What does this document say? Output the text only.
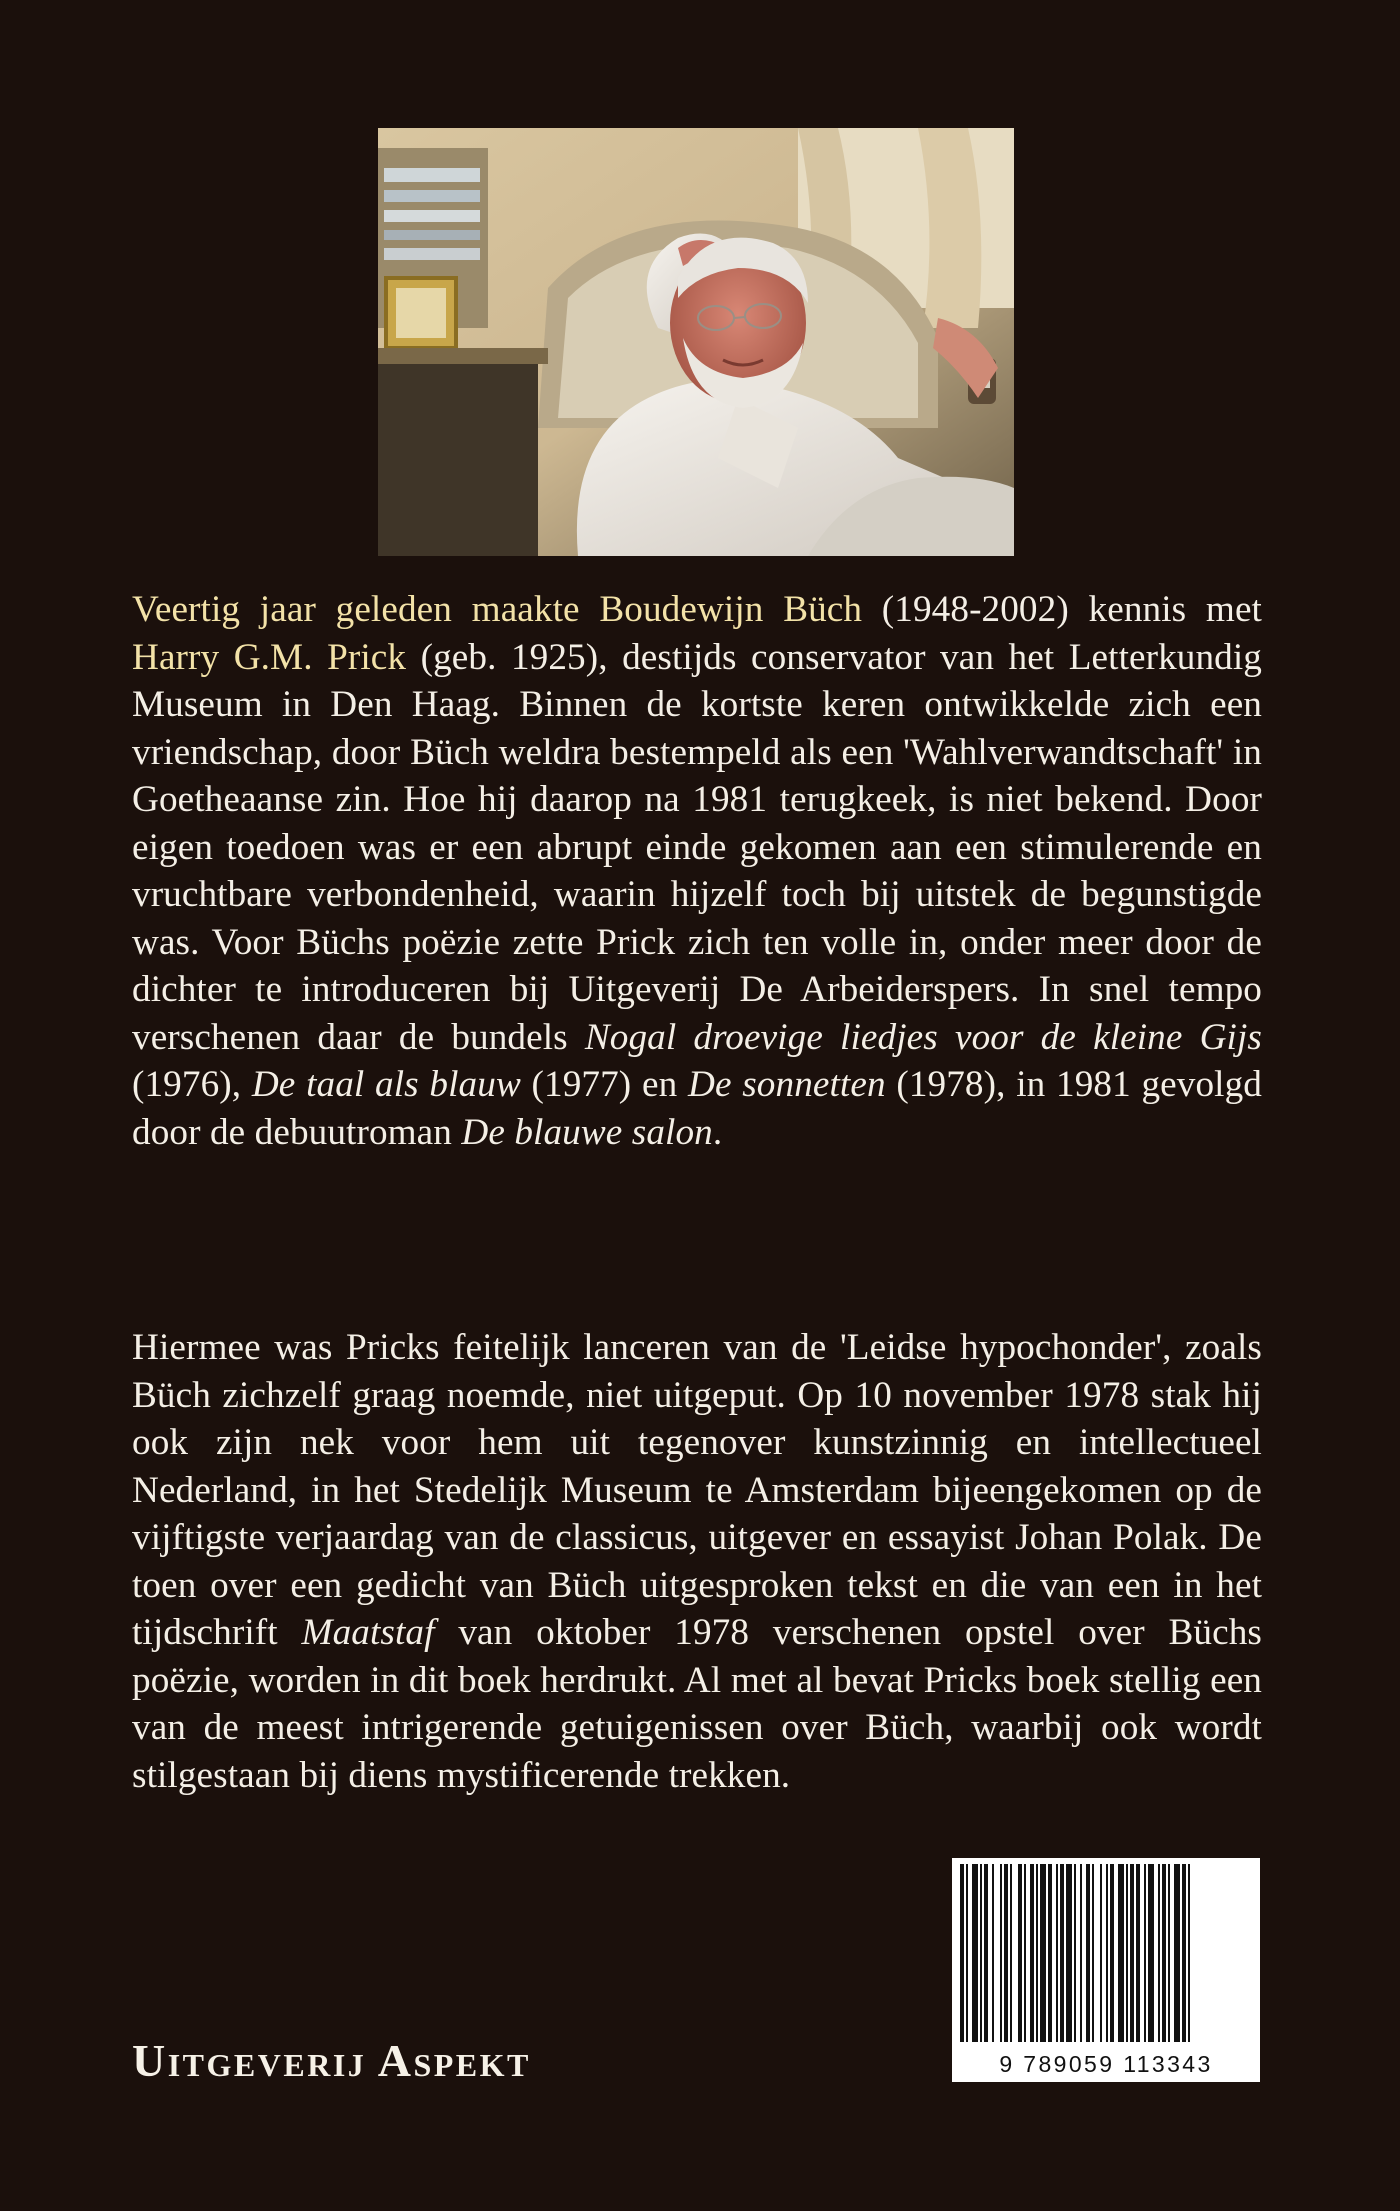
Veertig jaar geleden maakte Boudewijn Büch (1948-2002) kennis met Harry G.M. Prick (geb. 1925), destijds conservator van het Letterkundig Museum in Den Haag. Binnen de kortste keren ontwikkelde zich een vriendschap, door Büch weldra bestempeld als een 'Wahlverwandtschaft' in Goetheaanse zin. Hoe hij daarop na 1981 terugkeek, is niet bekend. Door eigen toedoen was er een abrupt einde gekomen aan een stimulerende en vruchtbare verbondenheid, waarin hijzelf toch bij uitstek de begunstigde was. Voor Büchs poëzie zette Prick zich ten volle in, onder meer door de dichter te introduceren bij Uitgeverij De Arbeiderspers. In snel tempo verschenen daar de bundels Nogal droevige liedjes voor de kleine Gijs (1976), De taal als blauw (1977) en De sonnetten (1978), in 1981 gevolgd door de debuutroman De blauwe salon.
Hiermee was Pricks feitelijk lanceren van de 'Leidse hypochonder', zoals Büch zichzelf graag noemde, niet uitgeput. Op 10 november 1978 stak hij ook zijn nek voor hem uit tegenover kunstzinnig en intellectueel Nederland, in het Stedelijk Museum te Amsterdam bijeengekomen op de vijftigste verjaardag van de classicus, uitgever en essayist Johan Polak. De toen over een gedicht van Büch uitgesproken tekst en die van een in het tijdschrift Maatstaf van oktober 1978 verschenen opstel over Büchs poëzie, worden in dit boek herdrukt. Al met al bevat Pricks boek stellig een van de meest intrigerende getuigenissen over Büch, waarbij ook wordt stilgestaan bij diens mystificerende trekken.
Uitgeverij Aspekt	9 789059 113343
